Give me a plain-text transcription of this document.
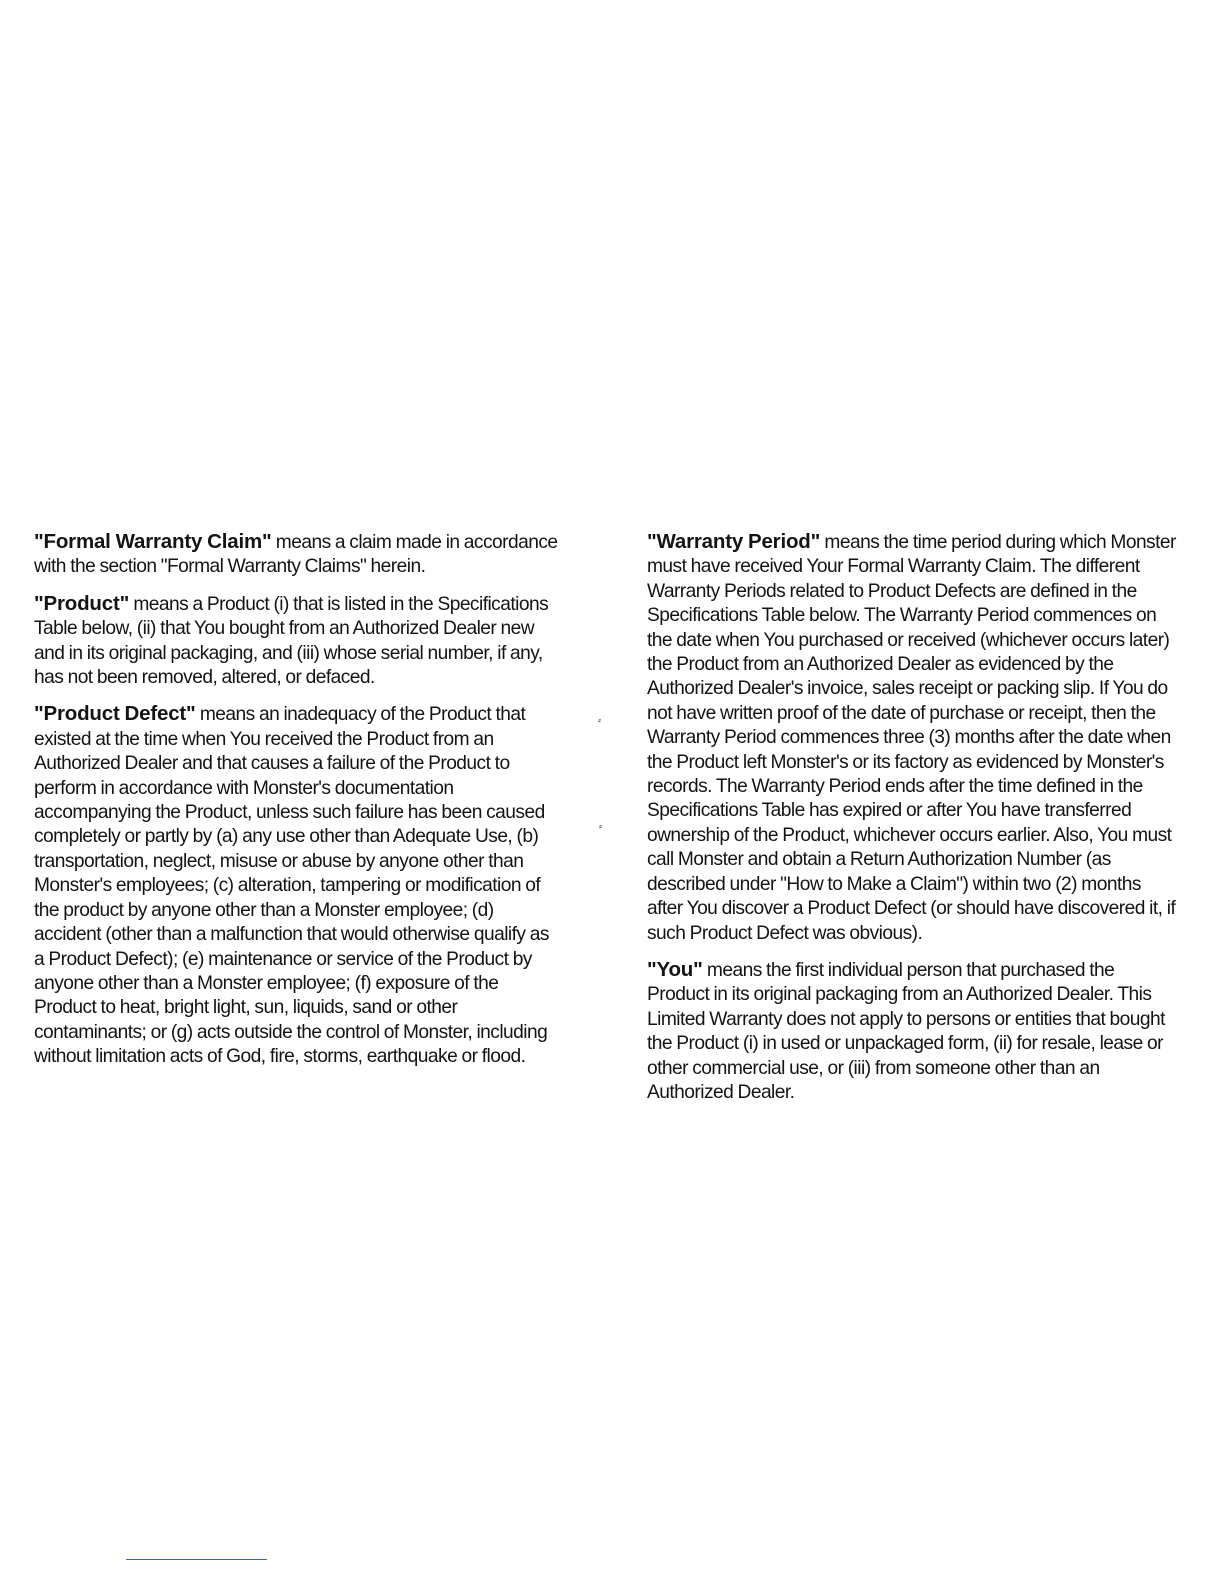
"Formal Warranty Claim" means a claim made in accordance with the section "Formal Warranty Claims" herein.

"Product" means a Product (i) that is listed in the Specifications Table below, (ii) that You bought from an Authorized Dealer new and in its original packaging, and (iii) whose serial number, if any, has not been removed, altered, or defaced.

"Product Defect" means an inadequacy of the Product that existed at the time when You received the Product from an Authorized Dealer and that causes a failure of the Product to perform in accordance with Monster's documentation accompanying the Product, unless such failure has been caused completely or partly by (a) any use other than Adequate Use, (b) transportation, neglect, misuse or abuse by anyone other than Monster's employees; (c) alteration, tampering or modification of the product by anyone other than a Monster employee; (d) accident (other than a malfunction that would otherwise qualify as a Product Defect); (e) maintenance or service of the Product by anyone other than a Monster employee; (f) exposure of the Product to heat, bright light, sun, liquids, sand or other contaminants; or (g) acts outside the control of Monster, including without limitation acts of God, fire, storms, earthquake or flood.

"Warranty Period" means the time period during which Monster must have received Your Formal Warranty Claim. The different Warranty Periods related to Product Defects are defined in the Specifications Table below. The Warranty Period commences on the date when You purchased or received (whichever occurs later) the Product from an Authorized Dealer as evidenced by the Authorized Dealer's invoice, sales receipt or packing slip. If You do not have written proof of the date of purchase or receipt, then the Warranty Period commences three (3) months after the date when the Product left Monster's or its factory as evidenced by Monster's records. The Warranty Period ends after the time defined in the Specifications Table has expired or after You have transferred ownership of the Product, whichever occurs earlier. Also, You must call Monster and obtain a Return Authorization Number (as described under "How to Make a Claim") within two (2) months after You discover a Product Defect (or should have discovered it, if such Product Defect was obvious).

"You" means the first individual person that purchased the Product in its original packaging from an Authorized Dealer. This Limited Warranty does not apply to persons or entities that bought the Product (i) in used or unpackaged form, (ii) for resale, lease or other commercial use, or (iii) from someone other than an Authorized Dealer.

⸗
⸗
